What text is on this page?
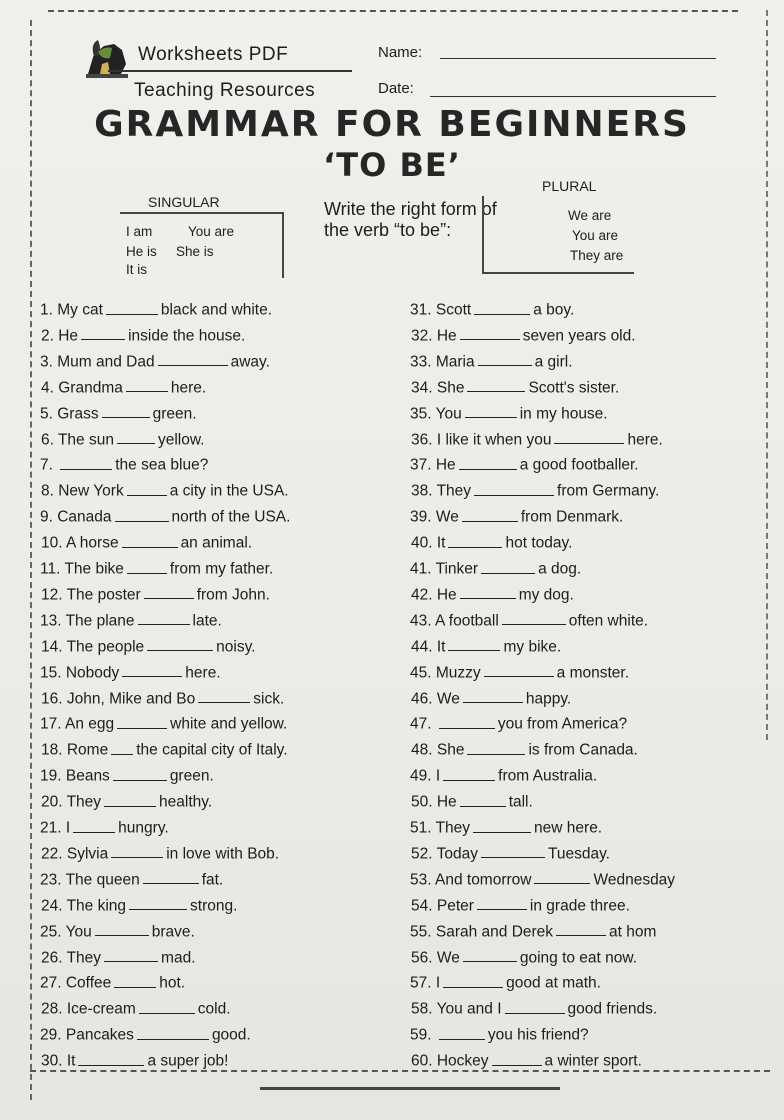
Worksheets PDF
Teaching Resources
Name:
Date:
GRAMMAR FOR BEGINNERS
‘TO BE’
SINGULAR
I am	You are
He is She is
It is
Write the right form of the verb “to be”:
PLURAL
We are
You are
They are
1. My cat	black and white.
2. He	inside the house.
3. Mum and Dad	away.
4. Grandma	here.
5. Grass	green.
6. The sun	yellow.
7.	the sea blue?
8. New York	a city in the USA.
9. Canada	north of the USA.
10. A horse	an animal.
11. The bike	from my father.
12. The poster	from John.
13. The plane	late.
14. The people	noisy.
15. Nobody	here.
16. John, Mike and Bo	sick.
17. An egg	white and yellow.
18. Rome the capital city of Italy.
19. Beans	green.
20. They	healthy.
21. I	hungry.
22. Sylvia	in love with Bob.
23. The queen	fat.
24. The king	strong.
25. You	brave.
26. They	mad.
27. Coffee	hot.
28. Ice-cream	cold.
29. Pancakes	good.
30. It	a super job!
31. Scott	a boy.
32. He	seven years old.
33. Maria	a girl.
34. She	Scott's sister.
35. You	in my house.
36. I like it when you	here.
37. He	a good footballer.
38. They	from Germany.
39. We	from Denmark.
40. It	hot today.
41. Tinker	a dog.
42. He	my dog.
43. A football	often white.
44. It	my bike.
45. Muzzy	a monster.
46. We	happy.
47.	you from America?
48. She	is from Canada.
49. I	from Australia.
50. He	tall.
51. They	new here.
52. Today	Tuesday.
53. And tomorrow	Wednesday
54. Peter	in grade three.
55. Sarah and Derek	at hom
56. We	going to eat now.
57. I	good at math.
58. You and I	good friends.
59.	you his friend?
60. Hockey	a winter sport.
